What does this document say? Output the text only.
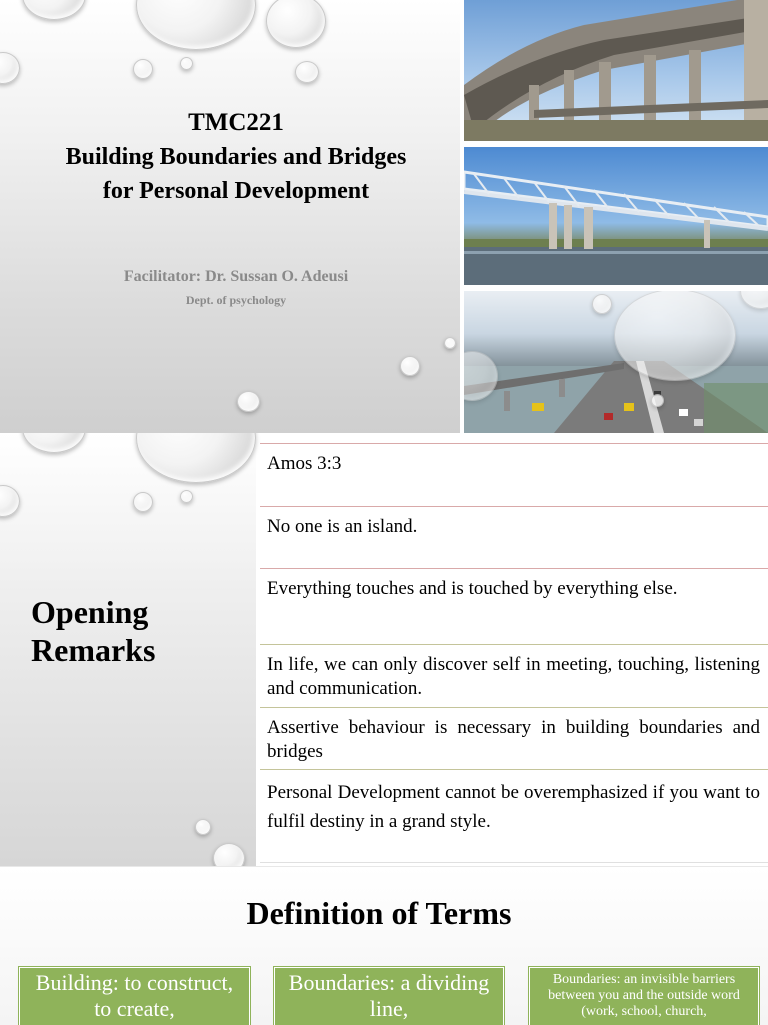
TMC221
Building Boundaries and Bridges
for Personal Development
Facilitator: Dr. Sussan O. Adeusi
Dept. of psychology
Opening
Remarks
Amos 3:3
No one is an island.
Everything touches and is touched by everything else.
In life, we can only discover self in meeting, touching, listening and communication.
Assertive behaviour is necessary in building boundaries and bridges
Personal Development cannot be overemphasized if you want to fulfil destiny in a grand style.
Definition of Terms
Building: to construct, to create,
Boundaries: a dividing line,
Boundaries: an invisible barriers between you and the outside word (work, school, church,
